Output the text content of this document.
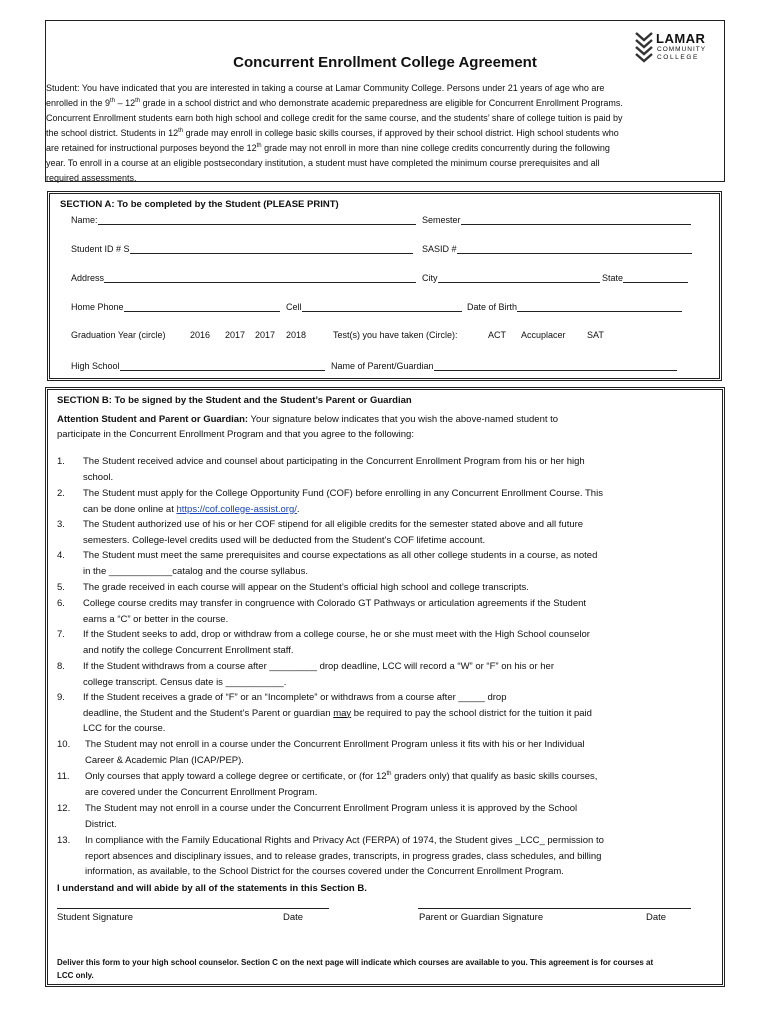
Concurrent Enrollment College Agreement
LAMAR
COMMUNITY
COLLEGE
Student: You have indicated that you are interested in taking a course at Lamar Community College. Persons under 21 years of age who are
enrolled in the 9th – 12th grade in a school district and who demonstrate academic preparedness are eligible for Concurrent Enrollment Programs.
Concurrent Enrollment students earn both high school and college credit for the same course, and the students’ share of college tuition is paid by
the school district. Students in 12th grade may enroll in college basic skills courses, if approved by their school district. High school students who
are retained for instructional purposes beyond the 12th grade may not enroll in more than nine college credits concurrently during the following
year. To enroll in a course at an eligible postsecondary institution, a student must have completed the minimum course prerequisites and all
required assessments.
SECTION A: To be completed by the Student (PLEASE PRINT)
Name:	Semester
Student ID # S	SASID #
Address	City	State
Home Phone	Cell	Date of Birth
Graduation Year (circle)	2016 2017 2017 2018	Test(s) you have taken (Circle):	ACT Accuplacer SAT
High School	Name of Parent/Guardian
SECTION B: To be signed by the Student and the Student’s Parent or Guardian
Attention Student and Parent or Guardian: Your signature below indicates that you wish the above-named student to
participate in the Concurrent Enrollment Program and that you agree to the following:
1.	The Student received advice and counsel about participating in the Concurrent Enrollment Program from his or her high
school.
2.	The Student must apply for the College Opportunity Fund (COF) before enrolling in any Concurrent Enrollment Course. This
can be done online at https://cof.college-assist.org/.
3.	The Student authorized use of his or her COF stipend for all eligible credits for the semester stated above and all future
semesters. College-level credits used will be deducted from the Student’s COF lifetime account.
4.	The Student must meet the same prerequisites and course expectations as all other college students in a course, as noted
in the ____________catalog and the course syllabus.
5.	The grade received in each course will appear on the Student’s official high school and college transcripts.
6.	College course credits may transfer in congruence with Colorado GT Pathways or articulation agreements if the Student
earns a “C” or better in the course.
7.	If the Student seeks to add, drop or withdraw from a college course, he or she must meet with the High School counselor
and notify the college Concurrent Enrollment staff.
8.	If the Student withdraws from a course after _________ drop deadline, LCC will record a “W” or “F” on his or her
college transcript. Census date is ___________.
9.	If the Student receives a grade of “F” or an “Incomplete” or withdraws from a course after _____ drop
deadline, the Student and the Student’s Parent or guardian may be required to pay the school district for the tuition it paid
LCC for the course.
10.	The Student may not enroll in a course under the Concurrent Enrollment Program unless it fits with his or her Individual
Career & Academic Plan (ICAP/PEP).
11.	Only courses that apply toward a college degree or certificate, or (for 12th graders only) that qualify as basic skills courses,
are covered under the Concurrent Enrollment Program.
12.	The Student may not enroll in a course under the Concurrent Enrollment Program unless it is approved by the School
District.
13.	In compliance with the Family Educational Rights and Privacy Act (FERPA) of 1974, the Student gives _LCC_ permission to
report absences and disciplinary issues, and to release grades, transcripts, in progress grades, class schedules, and billing
information, as available, to the School District for the courses covered under the Concurrent Enrollment Program.
I understand and will abide by all of the statements in this Section B.
Student Signature	Date	Parent or Guardian Signature	Date
Deliver this form to your high school counselor. Section C on the next page will indicate which courses are available to you. This agreement is for courses at
LCC only.
